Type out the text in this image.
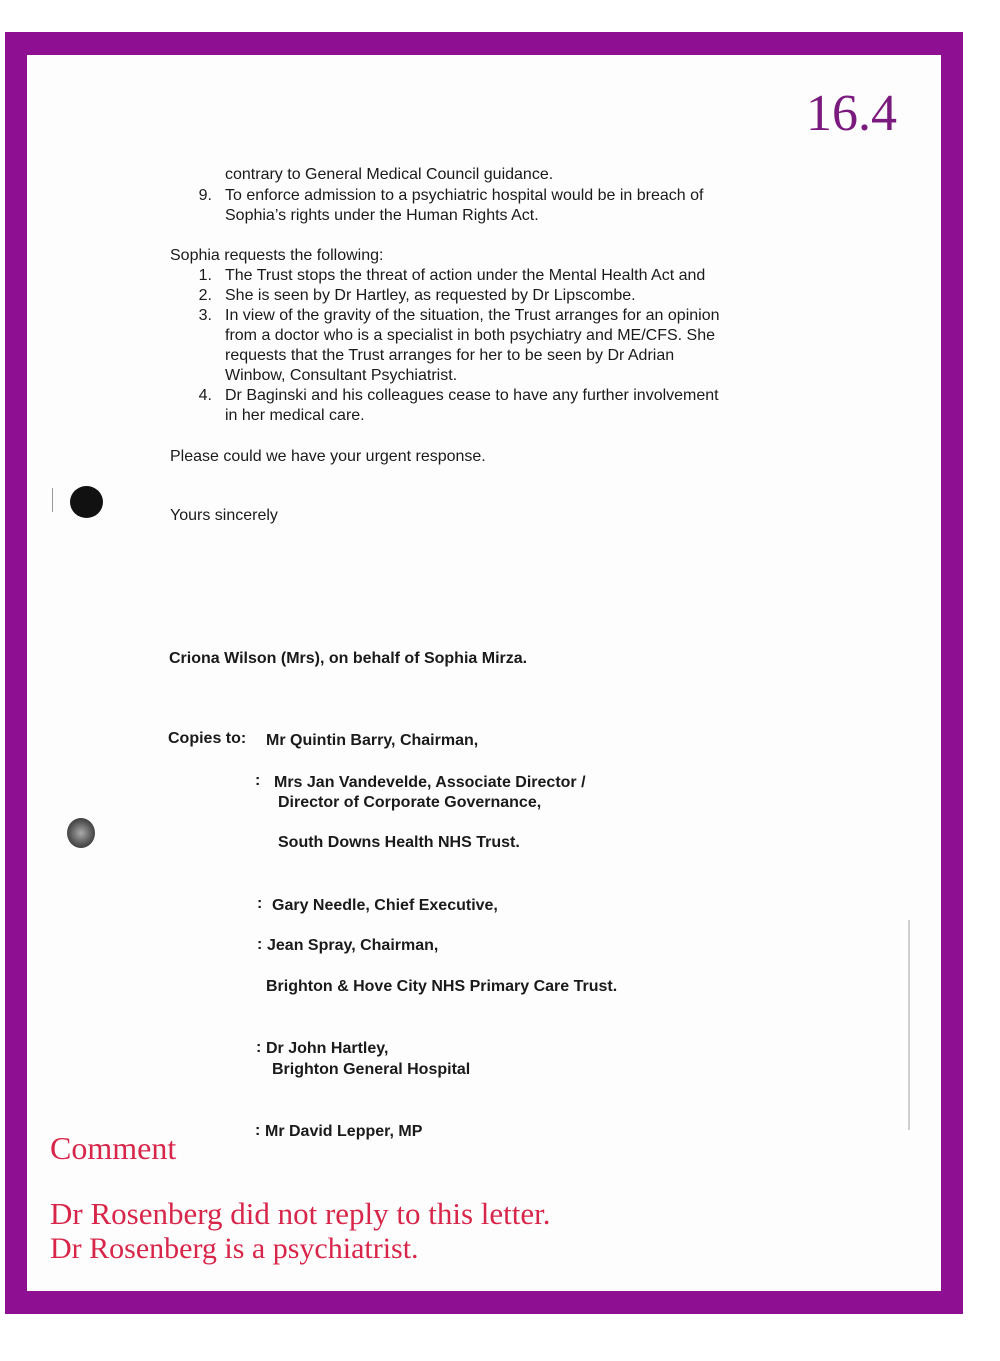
16.4
contrary to General Medical Council guidance.
9. To enforce admission to a psychiatric hospital would be in breach of
Sophia’s rights under the Human Rights Act.
Sophia requests the following:
1. The Trust stops the threat of action under the Mental Health Act and
2. She is seen by Dr Hartley, as requested by Dr Lipscombe.
3. In view of the gravity of the situation, the Trust arranges for an opinion
from a doctor who is a specialist in both psychiatry and ME/CFS. She
requests that the Trust arranges for her to be seen by Dr Adrian
Winbow, Consultant Psychiatrist.
4. Dr Baginski and his colleagues cease to have any further involvement
in her medical care.
Please could we have your urgent response.
Yours sincerely
Criona Wilson (Mrs), on behalf of Sophia Mirza.
Copies to: Mr Quintin Barry, Chairman,
: Mrs Jan Vandevelde, Associate Director /
Director of Corporate Governance,
South Downs Health NHS Trust.
: Gary Needle, Chief Executive,
: Jean Spray, Chairman,
Brighton & Hove City NHS Primary Care Trust.
: Dr John Hartley,
Brighton General Hospital
: Mr David Lepper, MP
Comment
Dr Rosenberg did not reply to this letter.
Dr Rosenberg is a psychiatrist.
